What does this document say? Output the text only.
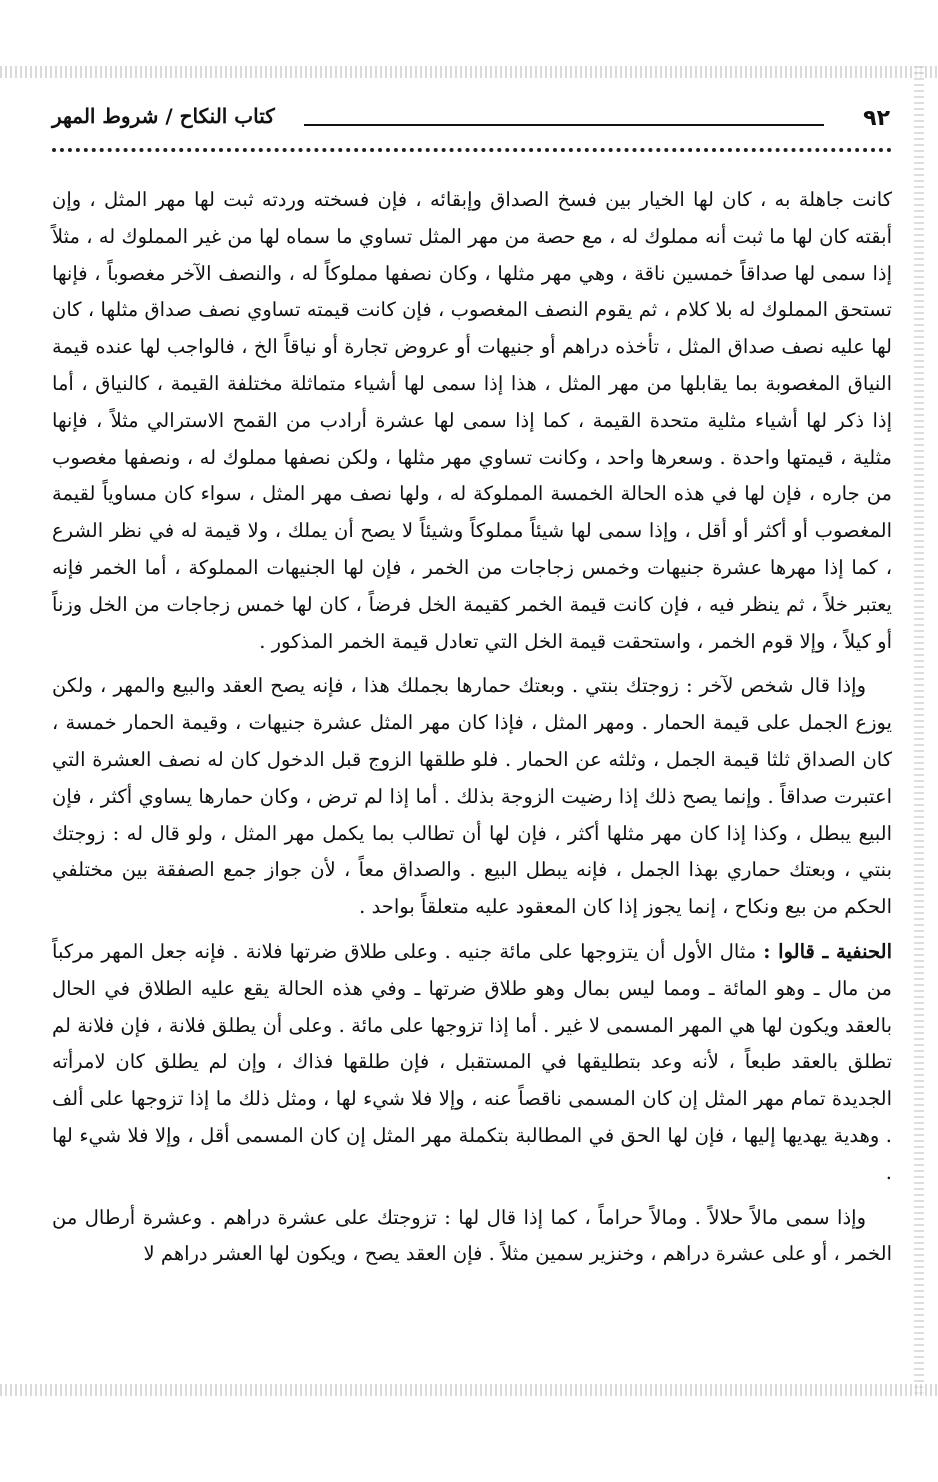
٩٢
كتاب النكاح / شروط المهر

كانت جاهلة به ، كان لها الخيار بين فسخ الصداق وإبقائه ، فإن فسخته وردته ثبت لها مهر المثل ، وإن أبقته كان لها ما ثبت أنه مملوك له ، مع حصة من مهر المثل تساوي ما سماه لها من غير المملوك له ، مثلاً إذا سمى لها صداقاً خمسين ناقة ، وهي مهر مثلها ، وكان نصفها مملوكاً له ، والنصف الآخر مغصوباً ، فإنها تستحق المملوك له بلا كلام ، ثم يقوم النصف المغصوب ، فإن كانت قيمته تساوي نصف صداق مثلها ، كان لها عليه نصف صداق المثل ، تأخذه دراهم أو جنيهات أو عروض تجارة أو نياقاً الخ ، فالواجب لها عنده قيمة النياق المغصوبة بما يقابلها من مهر المثل ، هذا إذا سمى لها أشياء متماثلة مختلفة القيمة ، كالنياق ، أما إذا ذكر لها أشياء مثلية متحدة القيمة ، كما إذا سمى لها عشرة أرادب من القمح الاسترالي مثلاً ، فإنها مثلية ، قيمتها واحدة . وسعرها واحد ، وكانت تساوي مهر مثلها ، ولكن نصفها مملوك له ، ونصفها مغصوب من جاره ، فإن لها في هذه الحالة الخمسة المملوكة له ، ولها نصف مهر المثل ، سواء كان مساوياً لقيمة المغصوب أو أكثر أو أقل ، وإذا سمى لها شيئاً مملوكاً وشيئاً لا يصح أن يملك ، ولا قيمة له في نظر الشرع ، كما إذا مهرها عشرة جنيهات وخمس زجاجات من الخمر ، فإن لها الجنيهات المملوكة ، أما الخمر فإنه يعتبر خلاً ، ثم ينظر فيه ، فإن كانت قيمة الخمر كقيمة الخل فرضاً ، كان لها خمس زجاجات من الخل وزناً أو كيلاً ، وإلا قوم الخمر ، واستحقت قيمة الخل التي تعادل قيمة الخمر المذكور .

وإذا قال شخص لآخر : زوجتك بنتي . وبعتك حمارها بجملك هذا ، فإنه يصح العقد والبيع والمهر ، ولكن يوزع الجمل على قيمة الحمار . ومهر المثل ، فإذا كان مهر المثل عشرة جنيهات ، وقيمة الحمار خمسة ، كان الصداق ثلثا قيمة الجمل ، وثلثه عن الحمار . فلو طلقها الزوج قبل الدخول كان له نصف العشرة التي اعتبرت صداقاً . وإنما يصح ذلك إذا رضيت الزوجة بذلك . أما إذا لم ترض ، وكان حمارها يساوي أكثر ، فإن البيع يبطل ، وكذا إذا كان مهر مثلها أكثر ، فإن لها أن تطالب بما يكمل مهر المثل ، ولو قال له : زوجتك بنتي ، وبعتك حماري بهذا الجمل ، فإنه يبطل البيع . والصداق معاً ، لأن جواز جمع الصفقة بين مختلفي الحكم من بيع ونكاح ، إنما يجوز إذا كان المعقود عليه متعلقاً بواحد .

الحنفية ـ قالوا : مثال الأول أن يتزوجها على مائة جنيه . وعلى طلاق ضرتها فلانة . فإنه جعل المهر مركباً من مال ـ وهو المائة ـ ومما ليس بمال وهو طلاق ضرتها ـ وفي هذه الحالة يقع عليه الطلاق في الحال بالعقد ويكون لها هي المهر المسمى لا غير . أما إذا تزوجها على مائة . وعلى أن يطلق فلانة ، فإن فلانة لم تطلق بالعقد طبعاً ، لأنه وعد بتطليقها في المستقبل ، فإن طلقها فذاك ، وإن لم يطلق كان لامرأته الجديدة تمام مهر المثل إن كان المسمى ناقصاً عنه ، وإلا فلا شيء لها ، ومثل ذلك ما إذا تزوجها على ألف . وهدية يهديها إليها ، فإن لها الحق في المطالبة بتكملة مهر المثل إن كان المسمى أقل ، وإلا فلا شيء لها .

وإذا سمى مالاً حلالاً . ومالاً حراماً ، كما إذا قال لها : تزوجتك على عشرة دراهم . وعشرة أرطال من الخمر ، أو على عشرة دراهم ، وخنزير سمين مثلاً . فإن العقد يصح ، ويكون لها العشر دراهم لا
